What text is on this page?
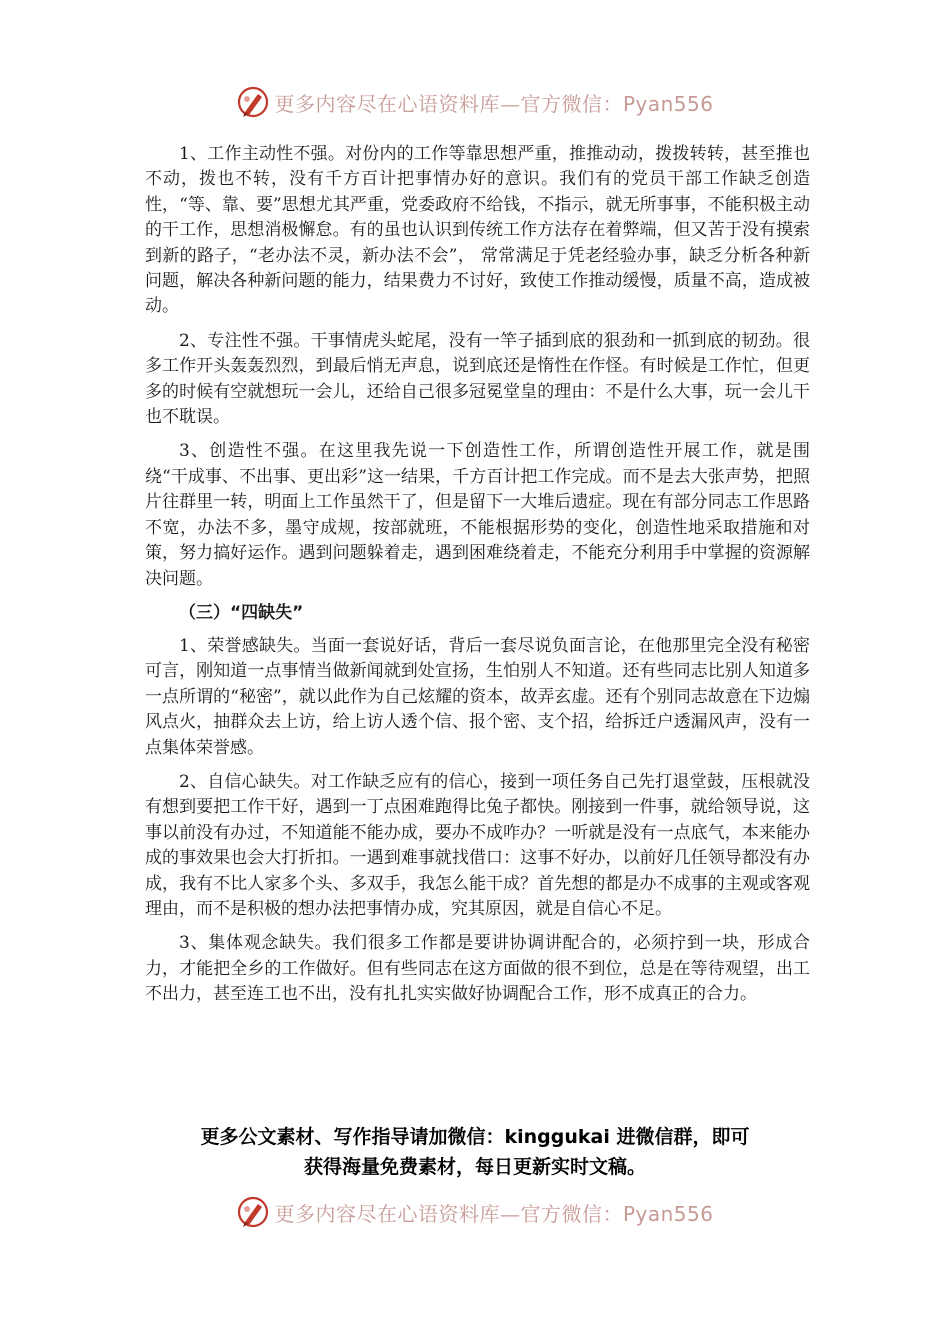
更多内容尽在心语资料库—官方微信：Pyan556

1、工作主动性不强。对份内的工作等靠思想严重，推推动动，拨拨转转，甚至推也不动，拨也不转，没有千方百计把事情办好的意识。我们有的党员干部工作缺乏创造性，“等、靠、要”思想尤其严重，党委政府不给钱，不指示，就无所事事，不能积极主动的干工作，思想消极懈怠。有的虽也认识到传统工作方法存在着弊端，但又苦于没有摸索到新的路子，“老办法不灵，新办法不会”， 常常满足于凭老经验办事，缺乏分析各种新问题，解决各种新问题的能力，结果费力不讨好，致使工作推动缓慢，质量不高，造成被动。

2、专注性不强。干事情虎头蛇尾，没有一竿子插到底的狠劲和一抓到底的韧劲。很多工作开头轰轰烈烈，到最后悄无声息，说到底还是惰性在作怪。有时候是工作忙，但更多的时候有空就想玩一会儿，还给自己很多冠冕堂皇的理由：不是什么大事，玩一会儿干也不耽误。

3、创造性不强。在这里我先说一下创造性工作，所谓创造性开展工作，就是围绕“干成事、不出事、更出彩”这一结果，千方百计把工作完成。而不是去大张声势，把照片往群里一转，明面上工作虽然干了，但是留下一大堆后遗症。现在有部分同志工作思路不宽，办法不多，墨守成规，按部就班，不能根据形势的变化，创造性地采取措施和对策，努力搞好运作。遇到问题躲着走，遇到困难绕着走，不能充分利用手中掌握的资源解决问题。

（三）“四缺失”

1、荣誉感缺失。当面一套说好话，背后一套尽说负面言论，在他那里完全没有秘密可言，刚知道一点事情当做新闻就到处宣扬，生怕别人不知道。还有些同志比别人知道多一点所谓的“秘密”，就以此作为自己炫耀的资本，故弄玄虚。还有个别同志故意在下边煽风点火，抽群众去上访，给上访人透个信、报个密、支个招，给拆迁户透漏风声，没有一点集体荣誉感。

2、自信心缺失。对工作缺乏应有的信心，接到一项任务自己先打退堂鼓，压根就没有想到要把工作干好，遇到一丁点困难跑得比兔子都快。刚接到一件事，就给领导说，这事以前没有办过，不知道能不能办成，要办不成咋办？一听就是没有一点底气，本来能办成的事效果也会大打折扣。一遇到难事就找借口：这事不好办，以前好几任领导都没有办成，我有不比人家多个头、多双手，我怎么能干成？首先想的都是办不成事的主观或客观理由，而不是积极的想办法把事情办成，究其原因，就是自信心不足。

3、集体观念缺失。我们很多工作都是要讲协调讲配合的，必须拧到一块，形成合力，才能把全乡的工作做好。但有些同志在这方面做的很不到位，总是在等待观望，出工不出力，甚至连工也不出，没有扎扎实实做好协调配合工作，形不成真正的合力。

更多公文素材、写作指导请加微信：kinggukai 进微信群，即可
获得海量免费素材，每日更新实时文稿。
更多内容尽在心语资料库—官方微信：Pyan556
